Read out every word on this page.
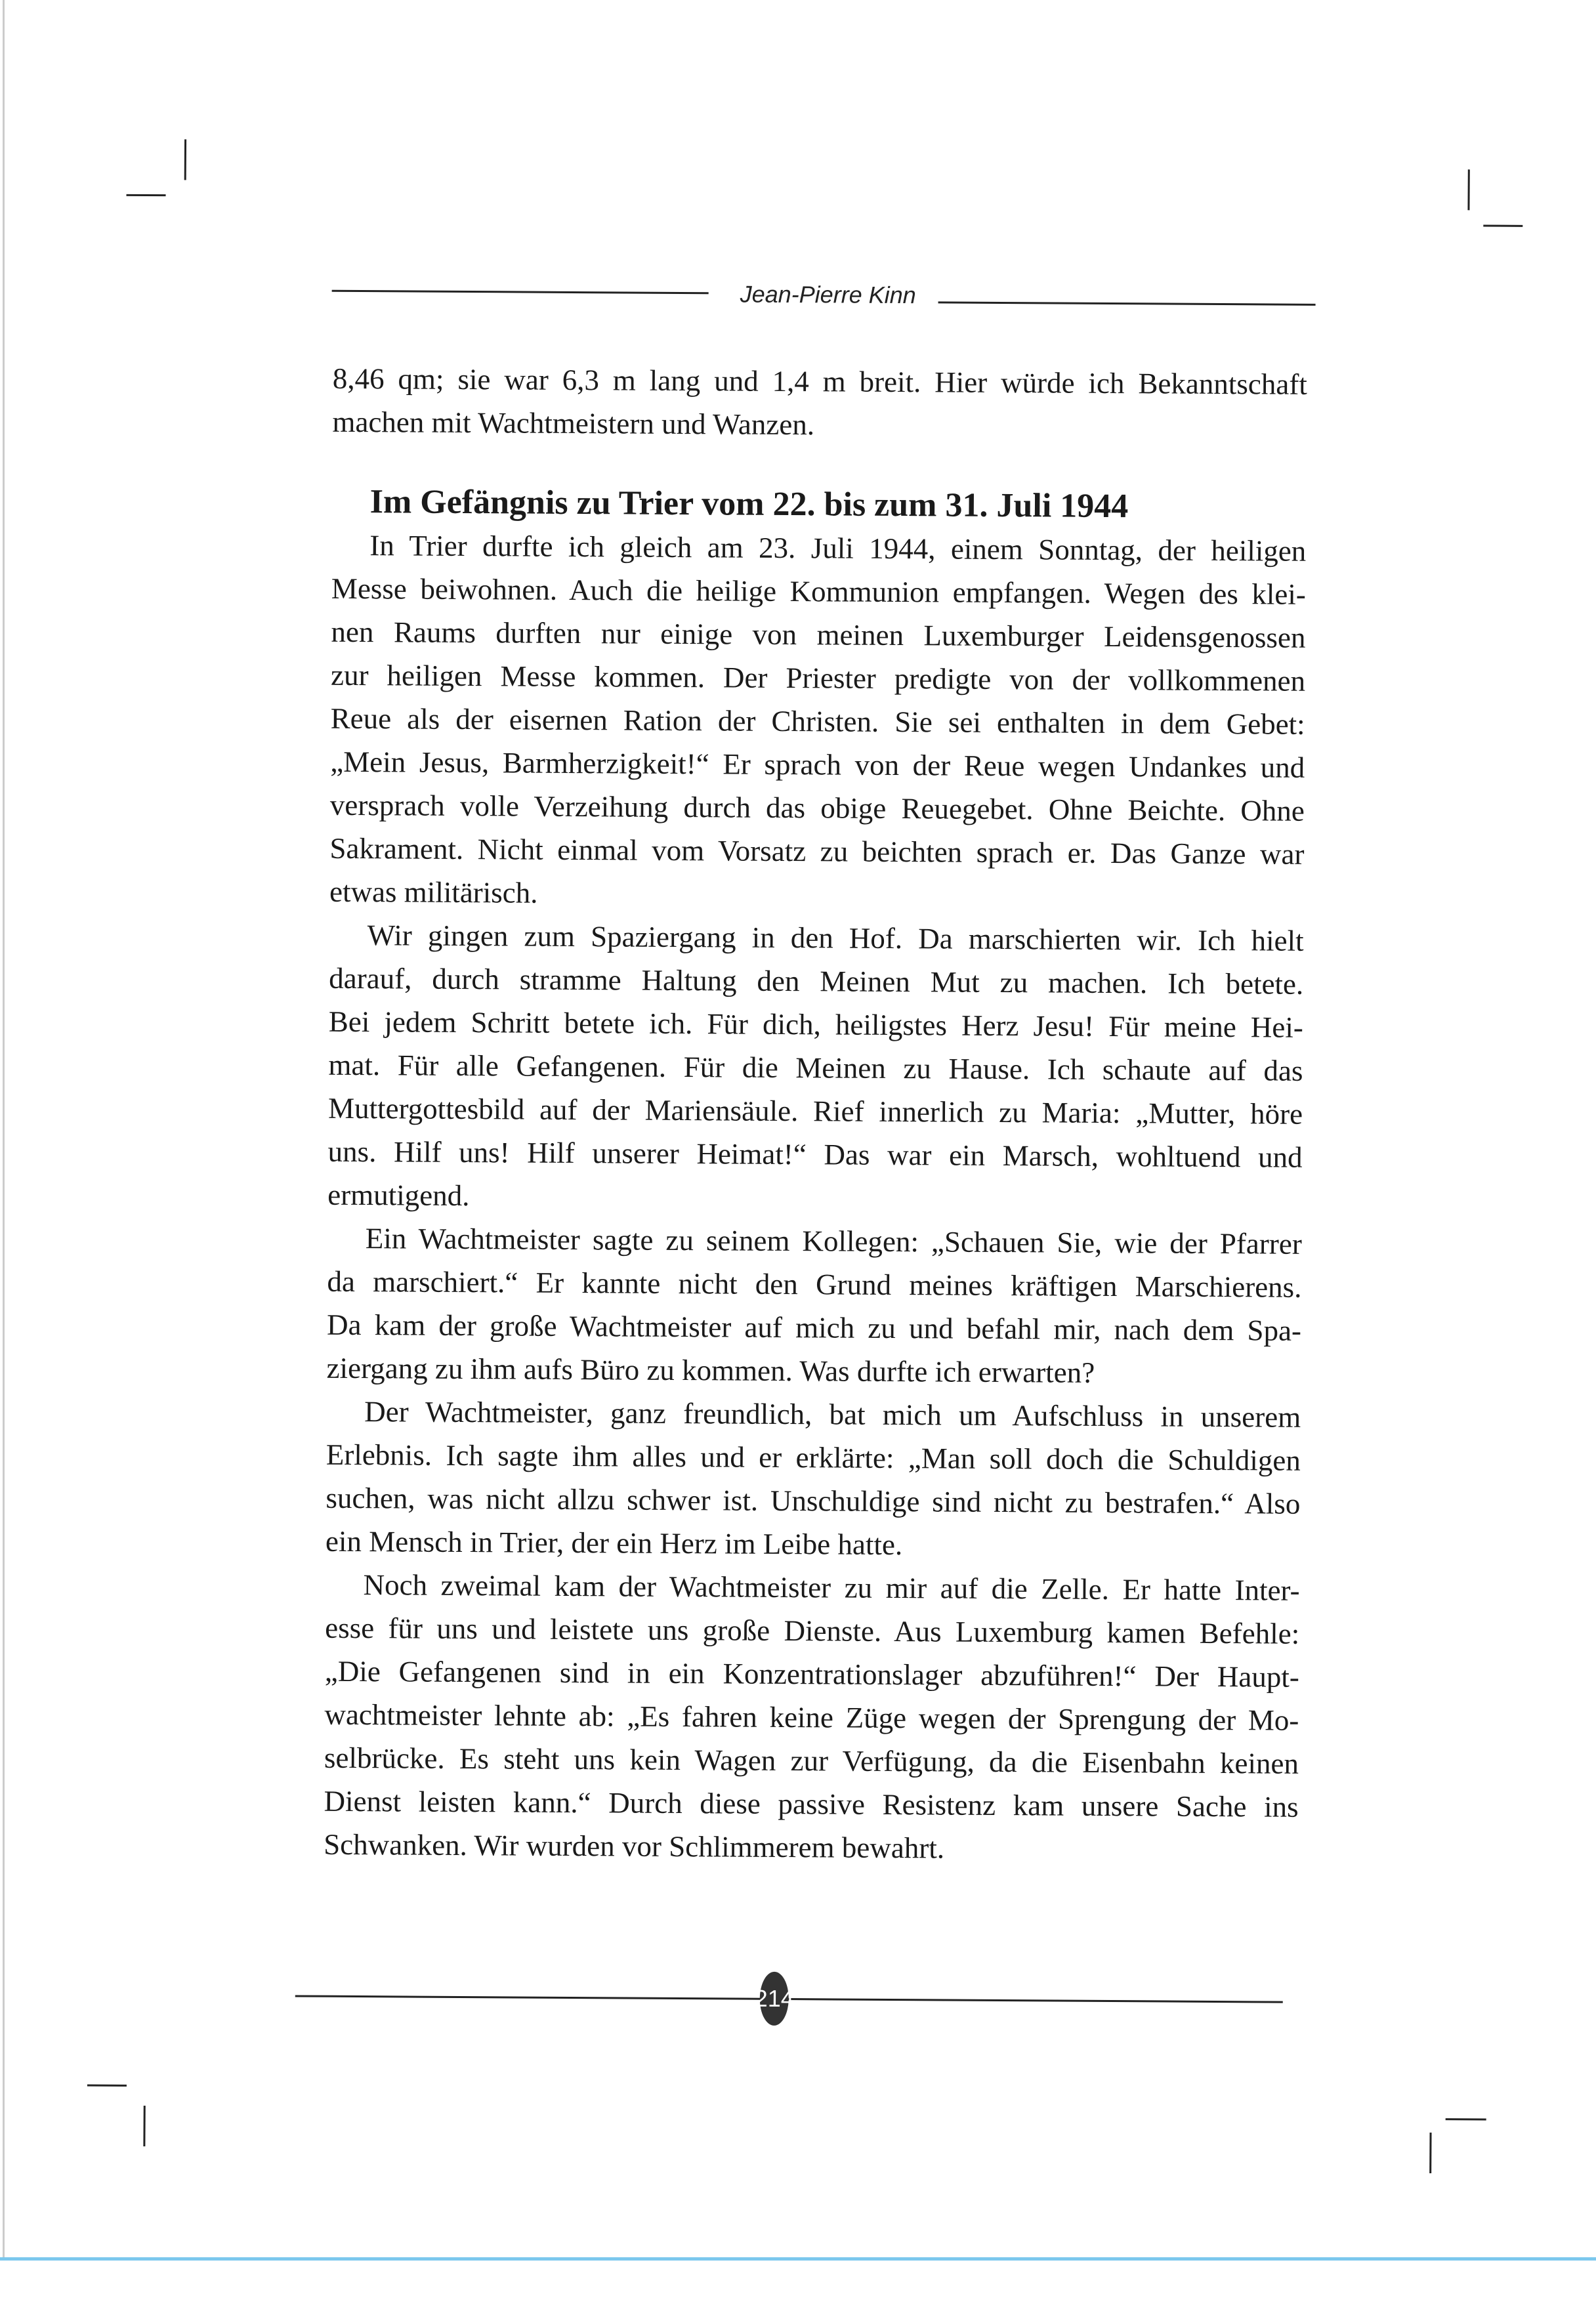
Jean-Pierre Kinn
8,46 qm; sie war 6,3 m lang und 1,4 m breit. Hier würde ich Bekanntschaft
machen mit Wachtmeistern und Wanzen.
Im Gefängnis zu Trier vom 22. bis zum 31. Juli 1944
In Trier durfte ich gleich am 23. Juli 1944, einem Sonntag, der heiligen
Messe beiwohnen. Auch die heilige Kommunion empfangen. Wegen des klei-
nen Raums durften nur einige von meinen Luxemburger Leidensgenossen
zur heiligen Messe kommen. Der Priester predigte von der vollkommenen
Reue als der eisernen Ration der Christen. Sie sei enthalten in dem Gebet:
„Mein Jesus, Barmherzigkeit!“ Er sprach von der Reue wegen Undankes und
versprach volle Verzeihung durch das obige Reuegebet. Ohne Beichte. Ohne
Sakrament. Nicht einmal vom Vorsatz zu beichten sprach er. Das Ganze war
etwas militärisch.
Wir gingen zum Spaziergang in den Hof. Da marschierten wir. Ich hielt
darauf, durch stramme Haltung den Meinen Mut zu machen. Ich betete.
Bei jedem Schritt betete ich. Für dich, heiligstes Herz Jesu! Für meine Hei-
mat. Für alle Gefangenen. Für die Meinen zu Hause. Ich schaute auf das
Muttergottesbild auf der Mariensäule. Rief innerlich zu Maria: „Mutter, höre
uns. Hilf uns! Hilf unserer Heimat!“ Das war ein Marsch, wohltuend und
ermutigend.
Ein Wachtmeister sagte zu seinem Kollegen: „Schauen Sie, wie der Pfarrer
da marschiert.“ Er kannte nicht den Grund meines kräftigen Marschierens.
Da kam der große Wachtmeister auf mich zu und befahl mir, nach dem Spa-
ziergang zu ihm aufs Büro zu kommen. Was durfte ich erwarten?
Der Wachtmeister, ganz freundlich, bat mich um Aufschluss in unserem
Erlebnis. Ich sagte ihm alles und er erklärte: „Man soll doch die Schuldigen
suchen, was nicht allzu schwer ist. Unschuldige sind nicht zu bestrafen.“ Also
ein Mensch in Trier, der ein Herz im Leibe hatte.
Noch zweimal kam der Wachtmeister zu mir auf die Zelle. Er hatte Inter-
esse für uns und leistete uns große Dienste. Aus Luxemburg kamen Befehle:
„Die Gefangenen sind in ein Konzentrationslager abzuführen!“ Der Haupt-
wachtmeister lehnte ab: „Es fahren keine Züge wegen der Sprengung der Mo-
selbrücke. Es steht uns kein Wagen zur Verfügung, da die Eisenbahn keinen
Dienst leisten kann.“ Durch diese passive Resistenz kam unsere Sache ins
Schwanken. Wir wurden vor Schlimmerem bewahrt.
214
